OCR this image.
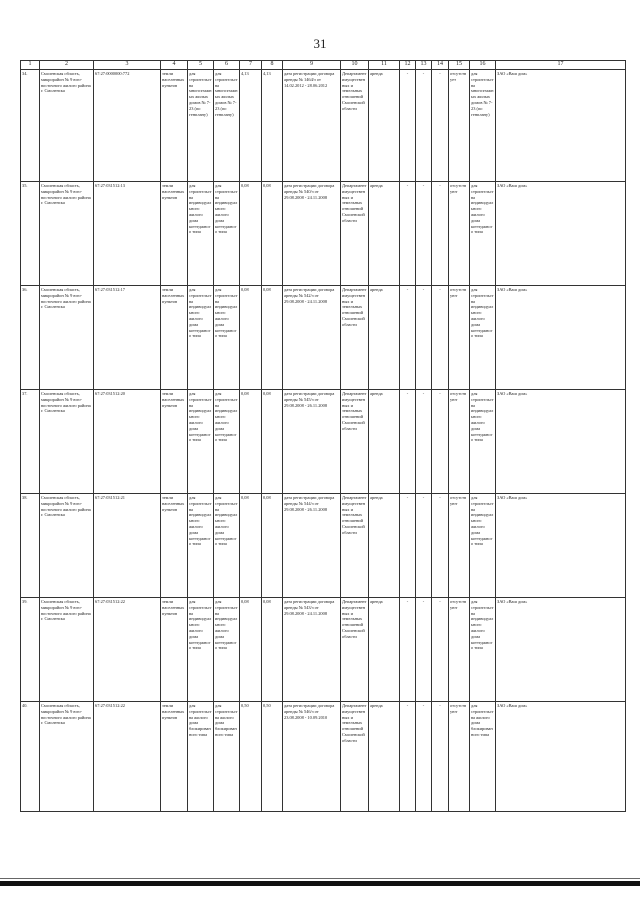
31
1	2	3	4	5	6	7	8	9	10	11	12	13	14	15	16	17
34.	Смоленская область, микрорайон № 9 юго-восточного жилого района г. Смоленска	67:27:0000000:772	земли населенных пунктов	для строительства многоэтажных жилых домов № 7-23 (по генплану)	для строительства многоэтажных жилых домов № 7-23 (по генплану)	4,13	4,13	дата регистрации договора аренды № 1464/з от 14.02.2012 - 28.06.2012	Департамент имущественных и земельных отношений Смоленской области	аренда	-	-	-	отсутствует	для строительства многоэтажных жилых домов № 7-23 (по генплану)	ЗАО «Ваш дом»
35.	Смоленская область, микрорайон № 9 юго-восточного жилого района г. Смоленска	67:27:031512:13	земли населенных пунктов	для строительства индивидуального жилого дома коттеджного типа	для строительства индивидуального жилого дома коттеджного типа	0,08	0,08	дата регистрации договора аренды № 540/з от 29.08.2008 - 24.11.2008	Департамент имущественных и земельных отношений Смоленской области	аренда	-	-	-	отсутствуют	для строительства индивидуального жилого дома коттеджного типа	ЗАО «Ваш дом»
36.	Смоленская область, микрорайон № 9 юго-восточного жилого района г. Смоленска	67:27:031512:17	земли населенных пунктов	для строительства индивидуального жилого дома коттеджного типа	для строительства индивидуального жилого дома коттеджного типа	0,08	0,08	дата регистрации договора аренды № 542/з от 29.08.2008 - 24.11.2008	Департамент имущественных и земельных отношений Смоленской области	аренда	-	-	-	отсутствуют	для строительства индивидуального жилого дома коттеджного типа	ЗАО «Ваш дом»
37.	Смоленская область, микрорайон № 9 юго-восточного жилого района г. Смоленска	67:27:031512:20	земли населенных пунктов	для строительства индивидуального жилого дома коттеджного типа	для строительства индивидуального жилого дома коттеджного типа	0,08	0,08	дата регистрации договора аренды № 545/з от 29.08.2008 - 26.11.2008	Департамент имущественных и земельных отношений Смоленской области	аренда	-	-	-	отсутствуют	для строительства индивидуального жилого дома коттеджного типа	ЗАО «Ваш дом»
38.	Смоленская область, микрорайон № 9 юго-восточного жилого района г. Смоленска	67:27:031512:21	земли населенных пунктов	для строительства индивидуального жилого дома коттеджного типа	для строительства индивидуального жилого дома коттеджного типа	0,08	0,08	дата регистрации договора аренды № 544/з от 29.08.2008 - 26.11.2008	Департамент имущественных и земельных отношений Смоленской области	аренда	-	-	-	отсутствуют	для строительства индивидуального жилого дома коттеджного типа	ЗАО «Ваш дом»
39.	Смоленская область, микрорайон № 9 юго-восточного жилого района г. Смоленска	67:27:031512:22	земли населенных пунктов	для строительства индивидуального жилого дома коттеджного типа	для строительства индивидуального жилого дома коттеджного типа	0,08	0,08	дата регистрации договора аренды № 543/з от 29.08.2008 - 24.11.2008	Департамент имущественных и земельных отношений Смоленской области	аренда	-	-	-	отсутствуют	для строительства индивидуального жилого дома коттеджного типа	ЗАО «Ваш дом»
40.	Смоленская область, микрорайон № 9 юго-восточного жилого района г. Смоленска	67:27:031512:22	земли населенных пунктов	для строительства жилого дома блокированного типа	для строительства жилого дома блокированного типа	0,50	0,50	дата регистрации договора аренды № 546/з от 23.08.2008 - 10.09.2010	Департамент имущественных и земельных отношений Смоленской области	аренда	-	-	-	отсутствуют	для строительства жилого дома блокированного типа	ЗАО «Ваш дом»
